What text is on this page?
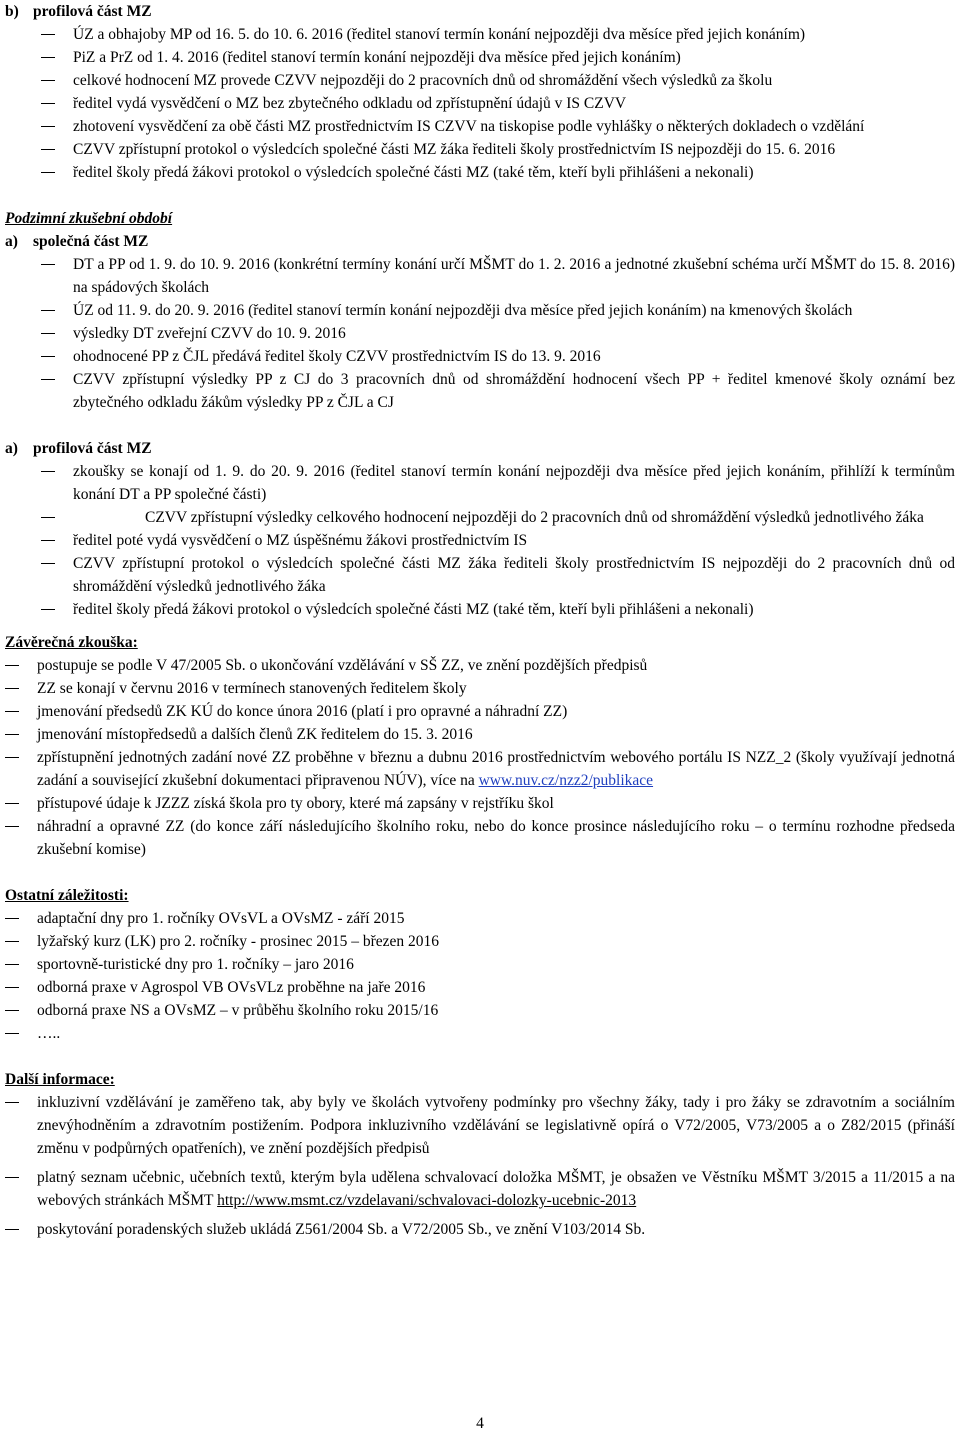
b) profilová část MZ

ÚZ a obhajoby MP od 16. 5. do 10. 6. 2016 (ředitel stanoví termín konání nejpozději dva měsíce před jejich konáním)
PiZ a PrZ od 1. 4. 2016 (ředitel stanoví termín konání nejpozději dva měsíce před jejich konáním)
celkové hodnocení MZ provede CZVV nejpozději do 2 pracovních dnů od shromáždění všech výsledků za školu
ředitel vydá vysvědčení o MZ bez zbytečného odkladu od zpřístupnění údajů v IS CZVV
zhotovení vysvědčení za obě části MZ prostřednictvím IS CZVV na tiskopise podle vyhlášky o některých dokladech o vzdělání
CZVV zpřístupní protokol o výsledcích společné části MZ žáka řediteli školy prostřednictvím IS nejpozději do 15. 6. 2016
ředitel školy předá žákovi protokol o výsledcích společné části MZ (také těm, kteří byli přihlášeni a nekonali)

Podzimní zkušební období

a) společná část MZ

DT a PP od 1. 9. do 10. 9. 2016 (konkrétní termíny konání určí MŠMT do 1. 2. 2016 a jednotné zkušební schéma určí MŠMT do 15. 8. 2016) na spádových školách
ÚZ od 11. 9. do 20. 9. 2016 (ředitel stanoví termín konání nejpozději dva měsíce před jejich konáním) na kmenových školách
výsledky DT zveřejní CZVV do 10. 9. 2016
ohodnocené PP z ČJL předává ředitel školy CZVV prostřednictvím IS do 13. 9. 2016
CZVV zpřístupní výsledky PP z CJ do 3 pracovních dnů od shromáždění hodnocení všech PP + ředitel kmenové školy oznámí bez zbytečného odkladu žákům výsledky PP z ČJL a CJ

a) profilová část MZ

zkoušky se konají od 1. 9. do 20. 9. 2016 (ředitel stanoví termín konání nejpozději dva měsíce před jejich konáním, přihlíží k termínům konání DT a PP společné části)
CZVV zpřístupní výsledky celkového hodnocení nejpozději do 2 pracovních dnů od shromáždění výsledků jednotlivého žáka
ředitel poté vydá vysvědčení o MZ úspěšnému žákovi prostřednictvím IS
CZVV zpřístupní protokol o výsledcích společné části MZ žáka řediteli školy prostřednictvím IS nejpozději do 2 pracovních dnů od shromáždění výsledků jednotlivého žáka
ředitel školy předá žákovi protokol o výsledcích společné části MZ (také těm, kteří byli přihlášeni a nekonali)

Závěrečná zkouška:

postupuje se podle V 47/2005 Sb. o ukončování vzdělávání v SŠ ZZ, ve znění pozdějších předpisů
ZZ se konají v červnu 2016 v termínech stanovených ředitelem školy
jmenování předsedů ZK KÚ do konce února 2016 (platí i pro opravné a náhradní ZZ)
jmenování místopředsedů a dalších členů ZK ředitelem do 15. 3. 2016
zpřístupnění jednotných zadání nové ZZ proběhne v březnu a dubnu 2016 prostřednictvím webového portálu IS NZZ_2 (školy využívají jednotná zadání a související zkušební dokumentaci připravenou NÚV), více na www.nuv.cz/nzz2/publikace
přístupové údaje k JZZZ získá škola pro ty obory, které má zapsány v rejstříku škol
náhradní a opravné ZZ (do konce září následujícího školního roku, nebo do konce prosince následujícího roku – o termínu rozhodne předseda zkušební komise)

Ostatní záležitosti:

adaptační dny pro 1. ročníky OVsVL a OVsMZ - září 2015
lyžařský kurz (LK) pro 2. ročníky - prosinec 2015 – březen 2016
sportovně-turistické dny pro 1. ročníky – jaro 2016
odborná praxe v Agrospol VB OVsVLz proběhne na jaře 2016
odborná praxe NS a OVsMZ – v průběhu školního roku 2015/16
…..

Další informace:

inkluzivní vzdělávání je zaměřeno tak, aby byly ve školách vytvořeny podmínky pro všechny žáky, tady i pro žáky se zdravotním a sociálním znevýhodněním a zdravotním postižením. Podpora inkluzivního vzdělávání se legislativně opírá o V72/2005, V73/2005 a o Z82/2015 (přináší změnu v podpůrných opatřeních), ve znění pozdějších předpisů
platný seznam učebnic, učebních textů, kterým byla udělena schvalovací doložka MŠMT, je obsažen ve Věstníku MŠMT 3/2015 a 11/2015 a na webových stránkách MŠMT http://www.msmt.cz/vzdelavani/schvalovaci-dolozky-ucebnic-2013
poskytování poradenských služeb ukládá Z561/2004 Sb. a V72/2005 Sb., ve znění V103/2014 Sb.
4
